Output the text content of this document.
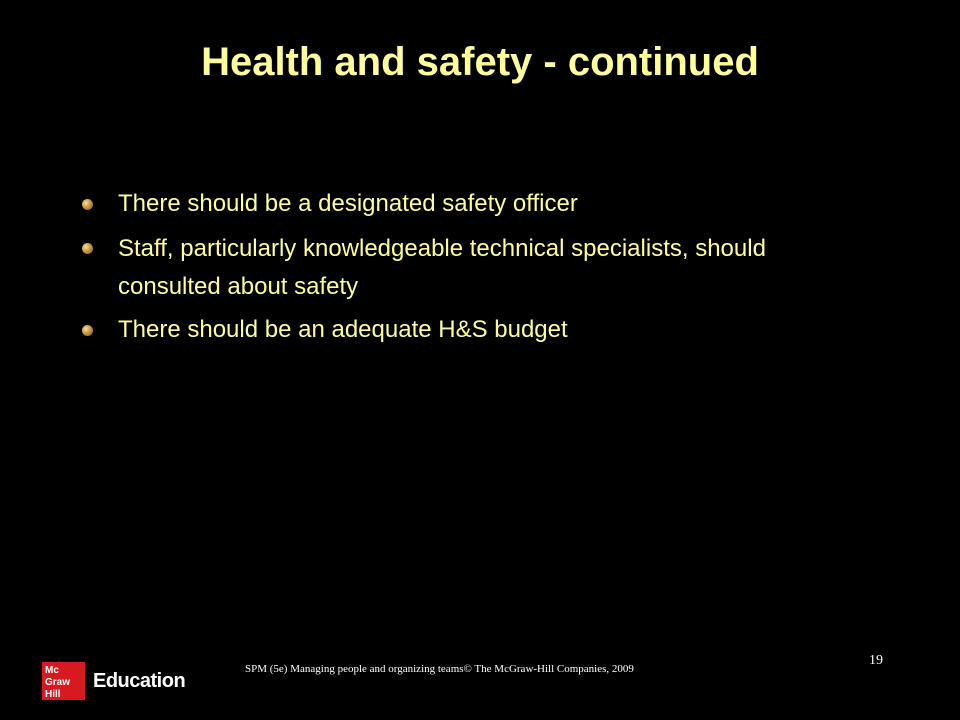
Health and safety - continued
There should be a designated safety officer
Staff, particularly knowledgeable technical specialists, should consulted about safety
There should be an adequate H&S budget
Mc
Graw
Hill
Education
SPM (5e) Managing people and organizing teams© The McGraw-Hill Companies, 2009
19
